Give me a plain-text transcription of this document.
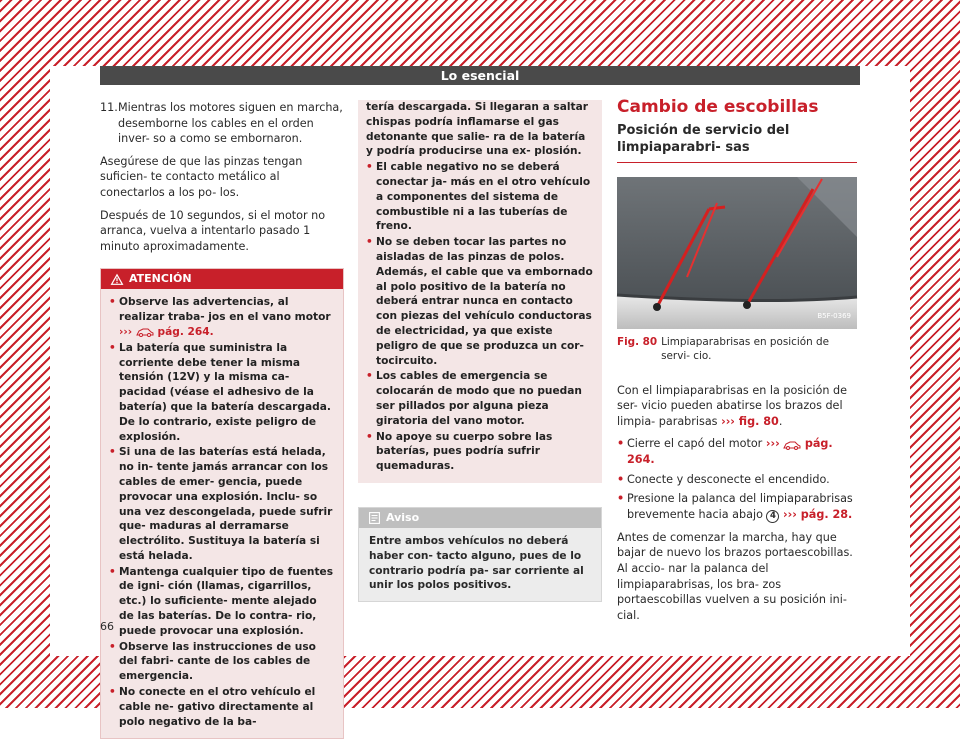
Lo esencial
11. Mientras los motores siguen en marcha, desemborne los cables en el orden inver- so a como se embornaron.

Asegúrese de que las pinzas tengan suficien- te contacto metálico al conectarlos a los po- los.

Después de 10 segundos, si el motor no arranca, vuelva a intentarlo pasado 1 minuto aproximadamente.

ATENCIÓN
• Observe las advertencias, al realizar traba- jos en el vano motor ››› pág. 264.
• La batería que suministra la corriente debe tener la misma tensión (12V) y la misma ca- pacidad (véase el adhesivo de la batería) que la batería descargada. De lo contrario, existe peligro de explosión.
• Si una de las baterías está helada, no in- tente jamás arrancar con los cables de emer- gencia, puede provocar una explosión. Inclu- so una vez descongelada, puede sufrir que- maduras al derramarse electrólito. Sustituya la batería si está helada.
• Mantenga cualquier tipo de fuentes de igni- ción (llamas, cigarrillos, etc.) lo suficiente- mente alejado de las baterías. De lo contra- rio, puede provocar una explosión.
• Observe las instrucciones de uso del fabri- cante de los cables de emergencia.
• No conecte en el otro vehículo el cable ne- gativo directamente al polo negativo de la ba-
tería descargada. Si llegaran a saltar chispas podría inflamarse el gas detonante que salie- ra de la batería y podría producirse una ex- plosión.
• El cable negativo no se deberá conectar ja- más en el otro vehículo a componentes del sistema de combustible ni a las tuberías de freno.
• No se deben tocar las partes no aisladas de las pinzas de polos. Además, el cable que va embornado al polo positivo de la batería no deberá entrar nunca en contacto con piezas del vehículo conductoras de electricidad, ya que existe peligro de que se produzca un cor- tocircuito.
• Los cables de emergencia se colocarán de modo que no puedan ser pillados por alguna pieza giratoria del vano motor.
• No apoye su cuerpo sobre las baterías, pues podría sufrir quemaduras.
Aviso
Entre ambos vehículos no deberá haber con- tacto alguno, pues de lo contrario podría pa- sar corriente al unir los polos positivos.
Cambio de escobillas
Posición de servicio del limpiaparabri- sas
B5F-0369
Fig. 80 Limpiaparabrisas en posición de servi- cio.

Con el limpiaparabrisas en la posición de ser- vicio pueden abatirse los brazos del limpia- parabrisas ››› fig. 80.

• Cierre el capó del motor ››› pág. 264.
• Conecte y desconecte el encendido.
• Presione la palanca del limpiaparabrisas brevemente hacia abajo 4 ››› pág. 28.

Antes de comenzar la marcha, hay que bajar de nuevo los brazos portaescobillas. Al accio- nar la palanca del limpiaparabrisas, los bra- zos portaescobillas vuelven a su posición ini- cial.

66
